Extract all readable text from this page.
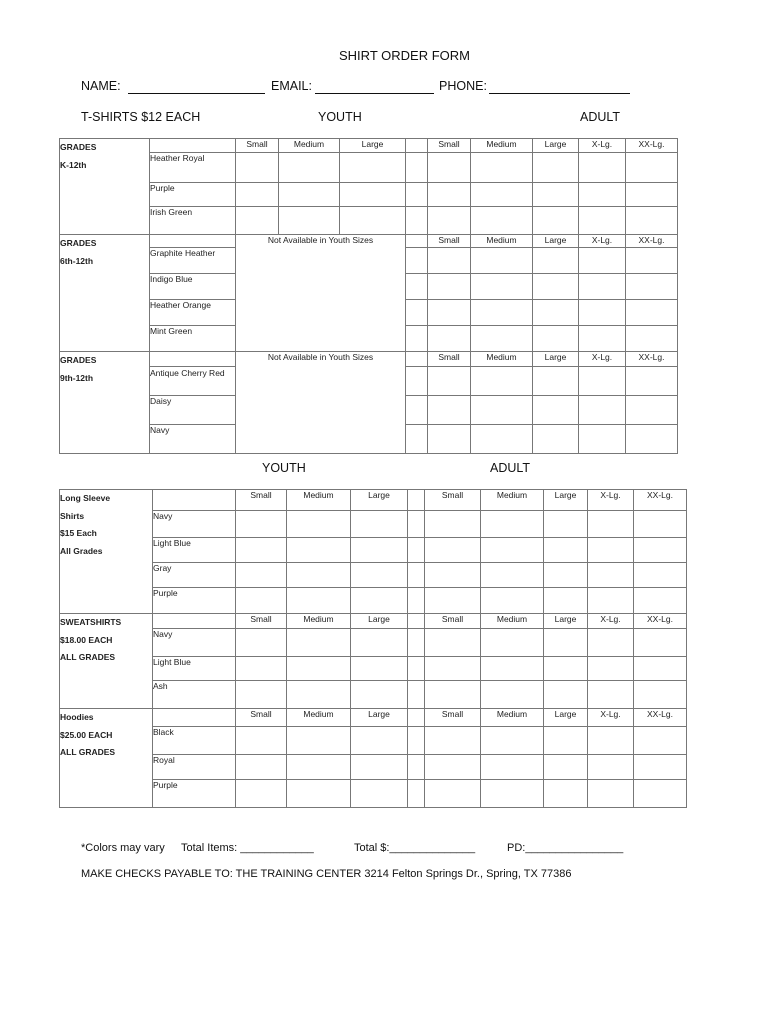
SHIRT ORDER FORM
NAME:	EMAIL:	PHONE:
T-SHIRTS $12 EACH	YOUTH	ADULT
GRADES
K-12th		Small	Medium	Large		Small	Medium	Large	X-Lg.	XX-Lg.
	Heather Royal									
	Purple									
	Irish Green									

GRADES
6th-12th		Not Available in Youth Sizes				Small	Medium	Large	X-Lg.	XX-Lg.
	Graphite Heather									
	Indigo Blue									
	Heather Orange									
	Mint Green									

GRADES
9th-12th		Not Available in Youth Sizes				Small	Medium	Large	X-Lg.	XX-Lg.
	Antique Cherry Red									
	Daisy									
	Navy									
YOUTH	ADULT
Long Sleeve
Shirts
$15 Each
All Grades		Small	Medium	Large		Small	Medium	Large	X-Lg.	XX-Lg.
	Navy									
	Light Blue									
	Gray									
	Purple									

SWEATSHIRTS
$18.00 EACH
ALL GRADES		Small	Medium	Large		Small	Medium	Large	X-Lg.	XX-Lg.
	Navy									
	Light Blue									
	Ash									

Hoodies
$25.00 EACH
ALL GRADES		Small	Medium	Large		Small	Medium	Large	X-Lg.	XX-Lg.
	Black									
	Royal									
	Purple									
*Colors may vary Total Items: ____________	Total $:______________	PD:________________
MAKE CHECKS PAYABLE TO: THE TRAINING CENTER 3214 Felton Springs Dr., Spring, TX 77386
